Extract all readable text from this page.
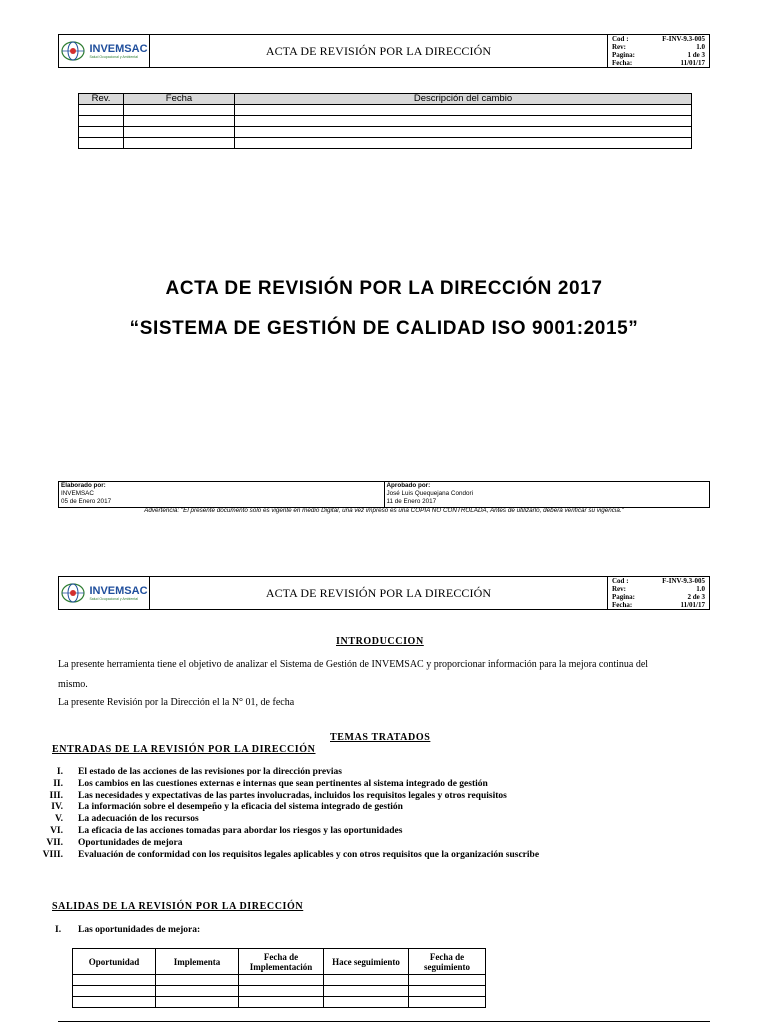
INVEMSAC
Salud Ocupacional y Ambiental	ACTA DE REVISIÓN POR LA DIRECCIÓN
Cod :	F-INV-9.3-005
Rev:	1.0
Pagina:	1 de 3
Fecha:	11/01/17
Rev.	Fecha	Descripción del cambio

ACTA DE REVISIÓN POR LA DIRECCIÓN 2017
“SISTEMA DE GESTIÓN DE CALIDAD ISO 9001:2015”
Elaborado por:
INVEMSAC
05 de Enero 2017
Aprobado por:
José Luis Quequejana Condori
11 de Enero 2017
Advertencia: "El presente documento solo es vigente en medio Digital, una vez impreso es una COPIA NO CONTROLADA, Antes de utilizarlo, deberá verificar su vigencia."
INVEMSAC
Salud Ocupacional y Ambiental	ACTA DE REVISIÓN POR LA DIRECCIÓN
Cod :	F-INV-9.3-005
Rev:	1.0
Pagina:	2 de 3
Fecha:	11/01/17
INTRODUCCION
La presente herramienta tiene el objetivo de analizar el Sistema de Gestión de INVEMSAC y proporcionar información para la mejora continua del
mismo.
La presente Revisión por la Dirección el la N° 01, de fecha
TEMAS TRATADOS
ENTRADAS DE LA REVISIÓN POR LA DIRECCIÓN
I.	El estado de las acciones de las revisiones por la dirección previas
II.	Los cambios en las cuestiones externas e internas que sean pertinentes al sistema integrado de gestión
III.	Las necesidades y expectativas de las partes involucradas, incluidos los requisitos legales y otros requisitos
IV.	La información sobre el desempeño y la eficacia del sistema integrado de gestión
V.	La adecuación de los recursos
VI.	La eficacia de las acciones tomadas para abordar los riesgos y las oportunidades
VII.	Oportunidades de mejora
VIII.	Evaluación de conformidad con los requisitos legales aplicables y con otros requisitos que la organización suscribe
SALIDAS DE LA REVISIÓN POR LA DIRECCIÓN
I. Las oportunidades de mejora:
Oportunidad	Implementa	Fecha de Implementación	Hace seguimiento	Fecha de seguimiento
